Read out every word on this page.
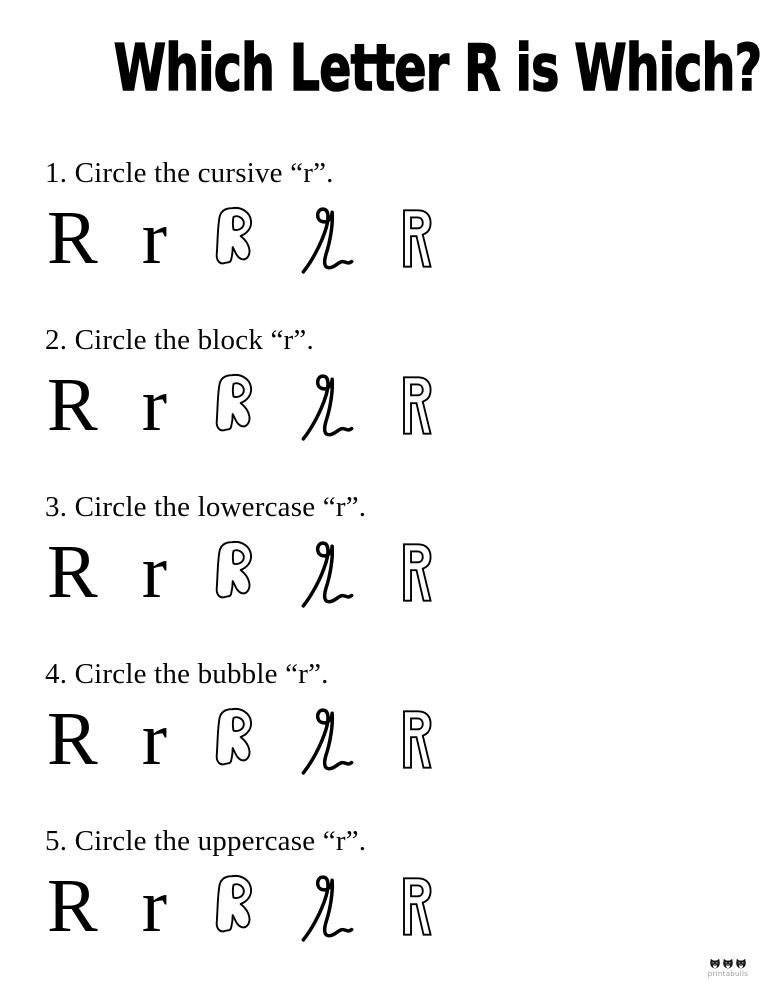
Which Letter R is Which?

1. Circle the cursive “r”.

R r

2. Circle the block “r”.

R r

3. Circle the lowercase “r”.

R r

4. Circle the bubble “r”.

R r

5. Circle the uppercase “r”.

R r
printabulls
